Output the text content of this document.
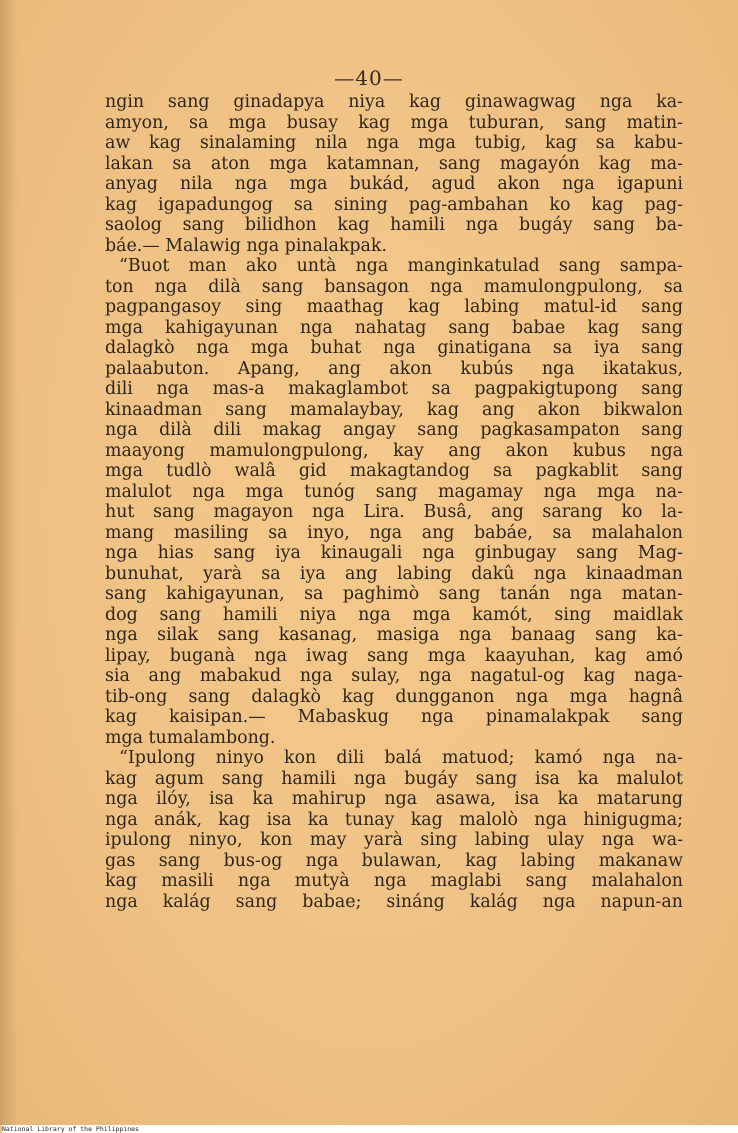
—40—
ngin sang ginadapya niya kag ginawagwag nga ka-
amyon, sa mga busay kag mga tuburan, sang matin-
aw kag sinalaming nila nga mga tubig, kag sa kabu-
lakan sa aton mga katamnan, sang magayón kag ma-
anyag nila nga mga bukád, agud akon nga igapuni
kag igapadungog sa sining pag-ambahan ko kag pag-
saolog sang bilidhon kag hamili nga bugáy sang ba-
báe.— Malawig nga pinalakpak.
“Buot man ako untà nga manginkatulad sang sampa-
ton nga dilà sang bansagon nga mamulongpulong, sa
pagpangasoy sing maathag kag labing matul-id sang
mga kahigayunan nga nahatag sang babae kag sang
dalagkò nga mga buhat nga ginatigana sa iya sang
palaabuton. Apang, ang akon kubús nga ikatakus,
dili nga mas-a makaglambot sa pagpakigtupong sang
kinaadman sang mamalaybay, kag ang akon bikwalon
nga dilà dili makag angay sang pagkasampaton sang
maayong mamulongpulong, kay ang akon kubus nga
mga tudlò walâ gid makagtandog sa pagkablit sang
malulot nga mga tunóg sang magamay nga mga na-
hut sang magayon nga Lira. Busâ, ang sarang ko la-
mang masiling sa inyo, nga ang babáe, sa malahalon
nga hias sang iya kinaugali nga ginbugay sang Mag-
bunuhat, yarà sa iya ang labing dakû nga kinaadman
sang kahigayunan, sa paghimò sang tanán nga matan-
dog sang hamili niya nga mga kamót, sing maidlak
nga silak sang kasanag, masiga nga banaag sang ka-
lipay, buganà nga iwag sang mga kaayuhan, kag amó
sia ang mabakud nga sulay, nga nagatul-og kag naga-
tib-ong sang dalagkò kag dungganon nga mga hagnâ
kag kaisipan.— Mabaskug nga pinamalakpak sang
mga tumalambong.
“Ipulong ninyo kon dili balá matuod; kamó nga na-
kag agum sang hamili nga bugáy sang isa ka malulot
nga ilóy, isa ka mahirup nga asawa, isa ka matarung
nga anák, kag isa ka tunay kag malolò nga hinigugma;
ipulong ninyo, kon may yarà sing labing ulay nga wa-
gas sang bus-og nga bulawan, kag labing makanaw
kag masili nga mutyà nga maglabi sang malahalon
nga kalág sang babae; sináng kalág nga napun-an
National Library of the Philippines
